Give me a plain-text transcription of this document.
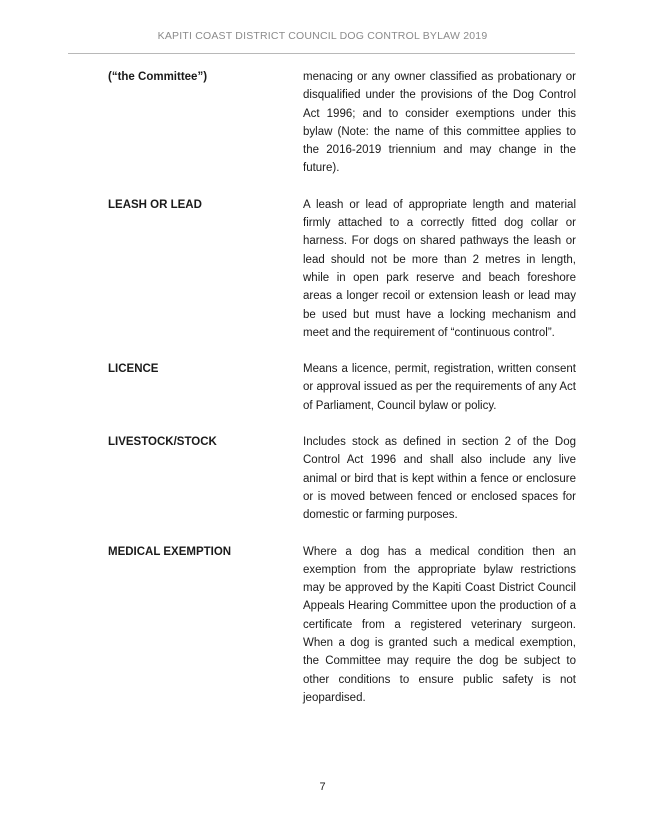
KAPITI COAST DISTRICT COUNCIL DOG CONTROL BYLAW 2019
(“the Committee”)	menacing or any owner classified as probationary or disqualified under the provisions of the Dog Control Act 1996; and to consider exemptions under this bylaw (Note: the name of this committee applies to the 2016-2019 triennium and may change in the future).
LEASH OR LEAD	A leash or lead of appropriate length and material firmly attached to a correctly fitted dog collar or harness. For dogs on shared pathways the leash or lead should not be more than 2 metres in length, while in open park reserve and beach foreshore areas a longer recoil or extension leash or lead may be used but must have a locking mechanism and meet and the requirement of “continuous control”.
LICENCE	Means a licence, permit, registration, written consent or approval issued as per the requirements of any Act of Parliament, Council bylaw or policy.
LIVESTOCK/STOCK	Includes stock as defined in section 2 of the Dog Control Act 1996 and shall also include any live animal or bird that is kept within a fence or enclosure or is moved between fenced or enclosed spaces for domestic or farming purposes.
MEDICAL EXEMPTION	Where a dog has a medical condition then an exemption from the appropriate bylaw restrictions may be approved by the Kapiti Coast District Council Appeals Hearing Committee upon the production of a certificate from a registered veterinary surgeon. When a dog is granted such a medical exemption, the Committee may require the dog be subject to other conditions to ensure public safety is not jeopardised.
7
